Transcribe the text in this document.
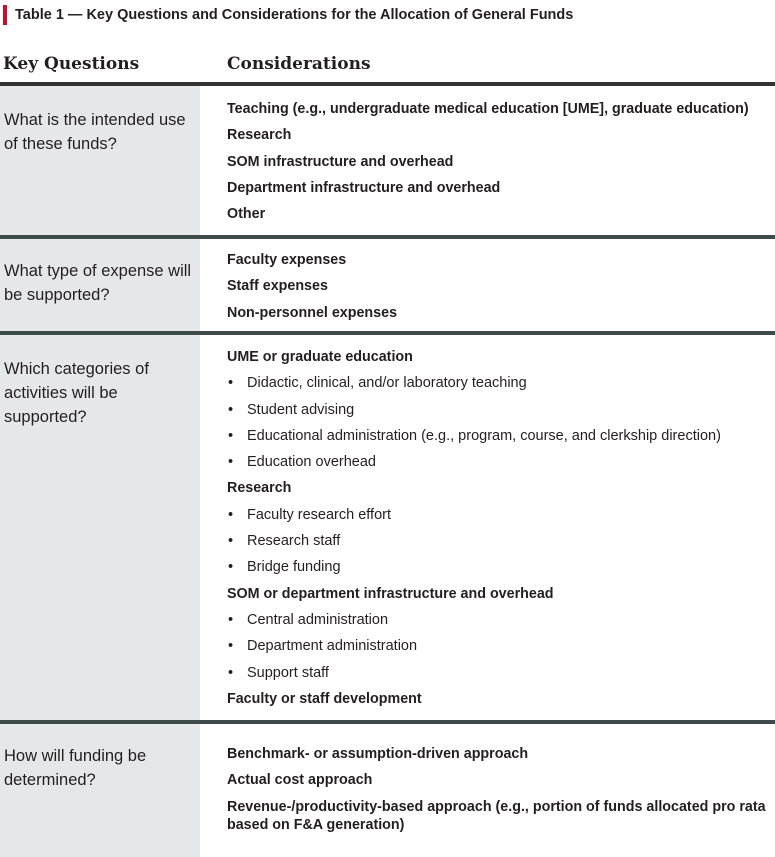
Table 1 — Key Questions and Considerations for the Allocation of General Funds
Key Questions	Considerations
What is the intended use of these funds?
Teaching (e.g., undergraduate medical education [UME], graduate education)
Research
SOM infrastructure and overhead
Department infrastructure and overhead
Other
What type of expense will be supported?
Faculty expenses
Staff expenses
Non-personnel expenses
Which categories of activities will be supported?
UME or graduate education
• Didactic, clinical, and/or laboratory teaching
• Student advising
• Educational administration (e.g., program, course, and clerkship direction)
• Education overhead
Research
• Faculty research effort
• Research staff
• Bridge funding
SOM or department infrastructure and overhead
• Central administration
• Department administration
• Support staff
Faculty or staff development
How will funding be determined?
Benchmark- or assumption-driven approach
Actual cost approach
Revenue-/productivity-based approach (e.g., portion of funds allocated pro rata based on F&A generation)
